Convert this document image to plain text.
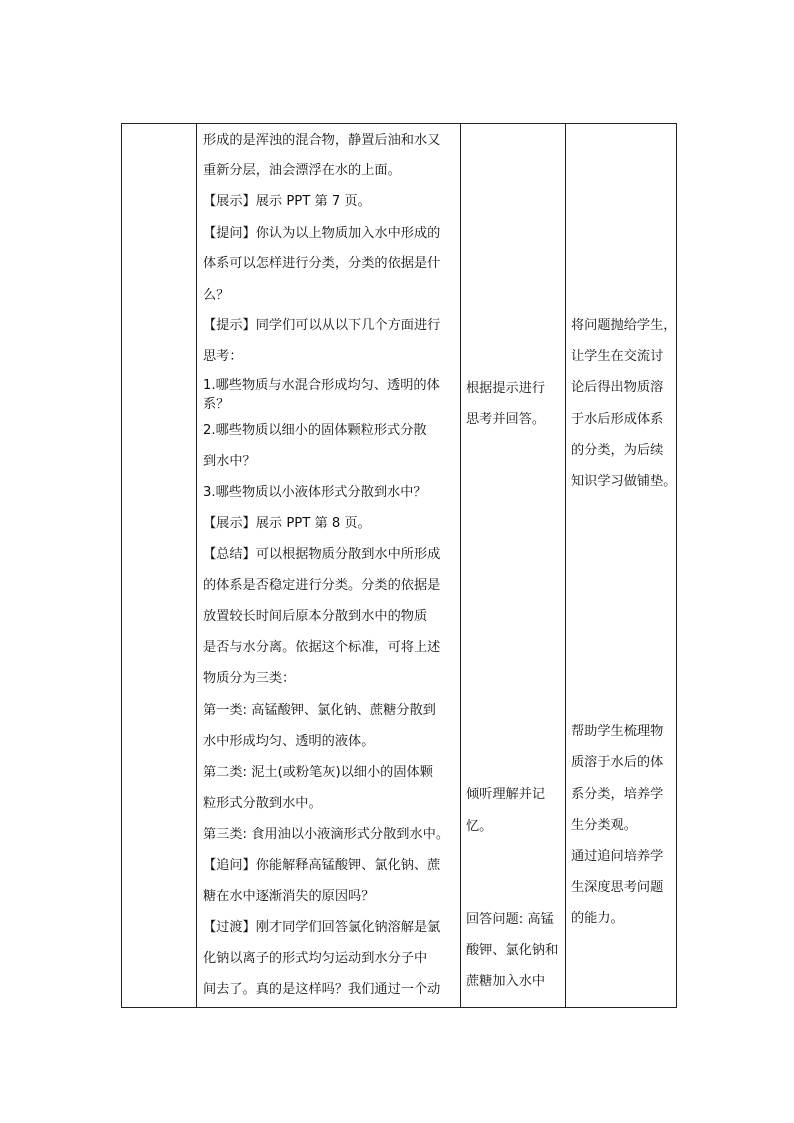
形成的是浑浊的混合物，静置后油和水又
重新分层，油会漂浮在水的上面。
【展示】展示 PPT 第 7 页。
【提问】你认为以上物质加入水中形成的
体系可以怎样进行分类，分类的依据是什
么？
【提示】同学们可以从以下几个方面进行
思考：
1.哪些物质与水混合形成均匀、透明的体
系？
2.哪些物质以细小的固体颗粒形式分散
到水中？
3.哪些物质以小液体形式分散到水中？
【展示】展示 PPT 第 8 页。
【总结】可以根据物质分散到水中所形成
的体系是否稳定进行分类。分类的依据是
放置较长时间后原本分散到水中的物质
是否与水分离。依据这个标准，可将上述
物质分为三类：
第一类: 高锰酸钾、氯化钠、蔗糖分散到
水中形成均匀、透明的液体。
第二类: 泥土(或粉笔灰)以细小的固体颗
粒形式分散到水中。
第三类: 食用油以小液滴形式分散到水中。
【追问】你能解释高锰酸钾、氯化钠、蔗
糖在水中逐渐消失的原因吗？
【过渡】刚才同学们回答氯化钠溶解是氯
化钠以离子的形式均匀运动到水分子中
间去了。真的是这样吗？我们通过一个动
根据提示进行
思考并回答。
倾听理解并记
忆。
回答问题: 高锰
酸钾、氯化钠和
蔗糖加入水中
将问题抛给学生，
让学生在交流讨
论后得出物质溶
于水后形成体系
的分类，为后续
知识学习做铺垫。
帮助学生梳理物
质溶于水后的体
系分类，培养学
生分类观。
通过追问培养学
生深度思考问题
的能力。
